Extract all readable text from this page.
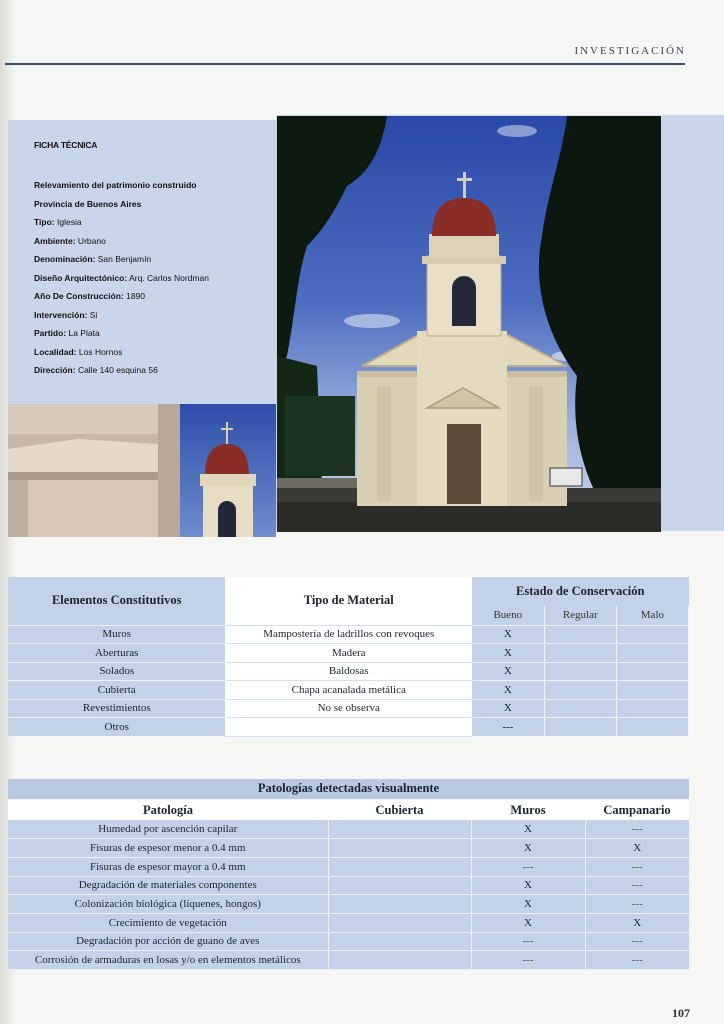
INVESTIGACIÓN
FICHA TÉCNICA
Relevamiento del patrimonio construido
Provincia de Buenos Aires
Tipo: Iglesia
Ambiente: Urbano
Denominación: San Benjamín
Diseño Arquitectónico: Arq. Carlos Nordman
Año De Construcción: 1890
Intervención: Si
Partido: La Plata
Localidad: Los Hornos
Dirección: Calle 140 esquina 56
Elementos Constitutivos	Tipo de Material	Estado de Conservación		
		Bueno	Regular	Malo
Muros	Mampostería de ladrillos con revoques	X		
Aberturas	Madera	X		
Solados	Baldosas	X		
Cubierta	Chapa acanalada metálica	X		
Revestimientos	No se observa	X		
Otros		---		
Patologías detectadas visualmente
Patología	Cubierta	Muros	Campanario
Humedad por ascención capilar		X	---
Fisuras de espesor menor a 0.4 mm		X	X
Fisuras de espesor mayor a 0.4 mm		---	---
Degradación de materiales componentes		X	---
Colonización biológica (líquenes, hongos)		X	---
Crecimiento de vegetación		X	X
Degradación por acción de guano de aves		---	---
Corrosión de armaduras en losas y/o en elementos metálicos		---	---
107
